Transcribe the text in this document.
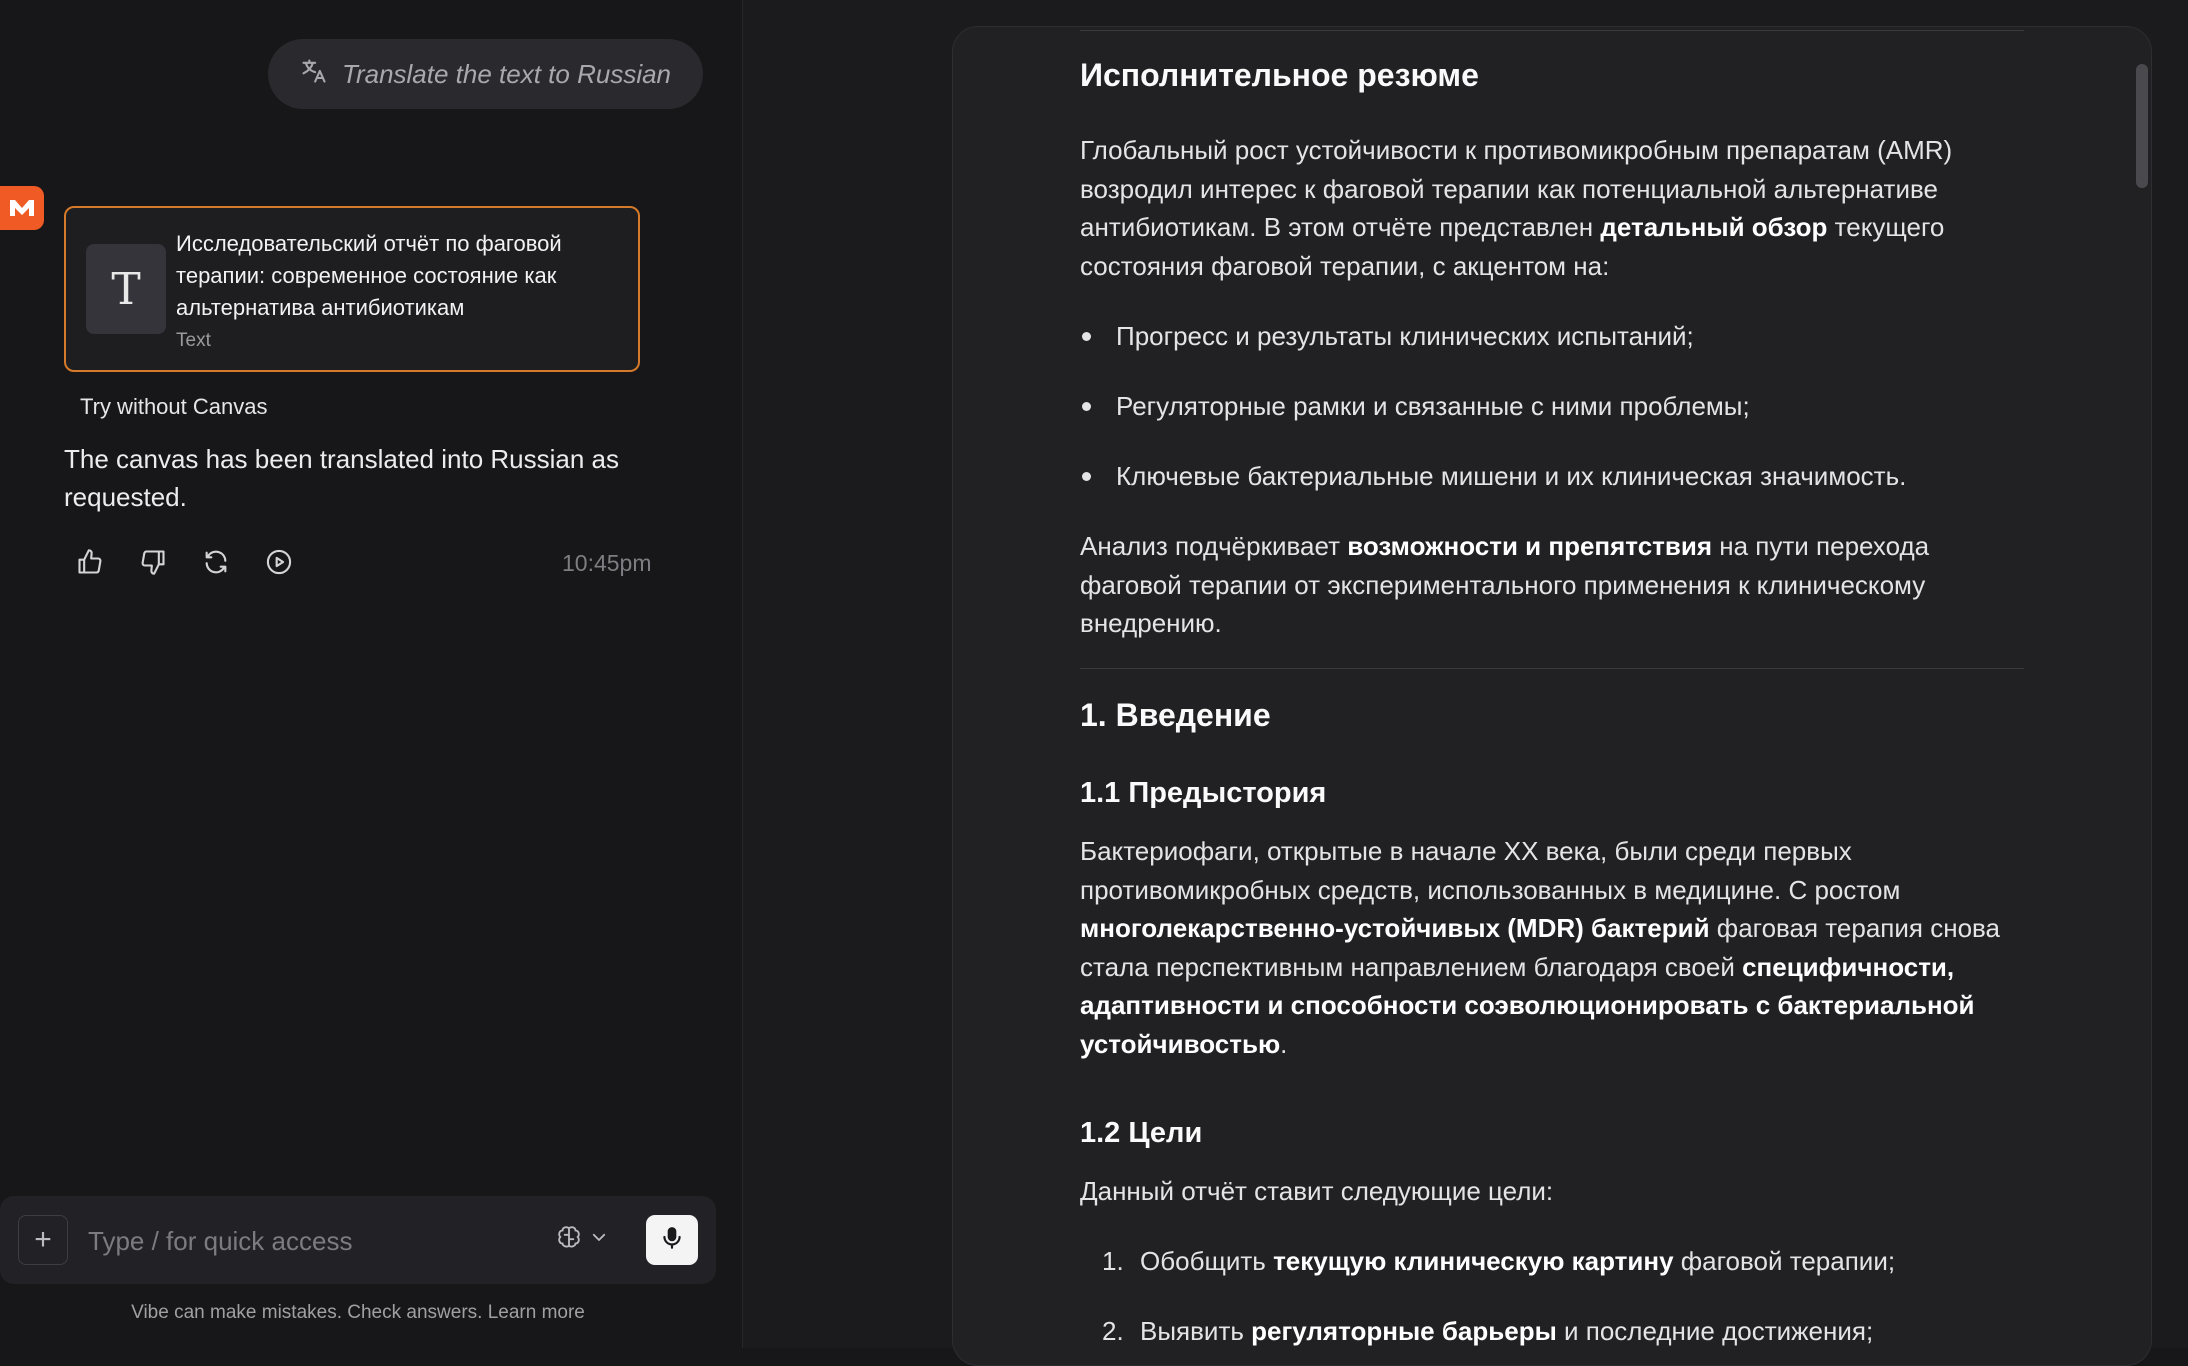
Translate the text to Russian
T
Исследовательский отчёт по фаговой терапии: современное состояние как альтернатива антибиотикам
Text
Try without Canvas
The canvas has been translated into Russian as requested.
10:45pm
+
Type / for quick access
Vibe can make mistakes. Check answers. Learn more
Исполнительное резюме
Глобальный рост устойчивости к противомикробным препаратам (AMR) возродил интерес к фаговой терапии как потенциальной альтернативе антибиотикам. В этом отчёте представлен детальный обзор текущего состояния фаговой терапии, с акцентом на:
Прогресс и результаты клинических испытаний;
Регуляторные рамки и связанные с ними проблемы;
Ключевые бактериальные мишени и их клиническая значимость.
Анализ подчёркивает возможности и препятствия на пути перехода фаговой терапии от экспериментального применения к клиническому внедрению.
1. Введение
1.1 Предыстория
Бактериофаги, открытые в начале XX века, были среди первых противомикробных средств, использованных в медицине. С ростом многолекарственно-устойчивых (MDR) бактерий фаговая терапия снова стала перспективным направлением благодаря своей специфичности, адаптивности и способности соэволюционировать с бактериальной устойчивостью.
1.2 Цели
Данный отчёт ставит следующие цели:
1. Обобщить текущую клиническую картину фаговой терапии;
2. Выявить регуляторные барьеры и последние достижения;
